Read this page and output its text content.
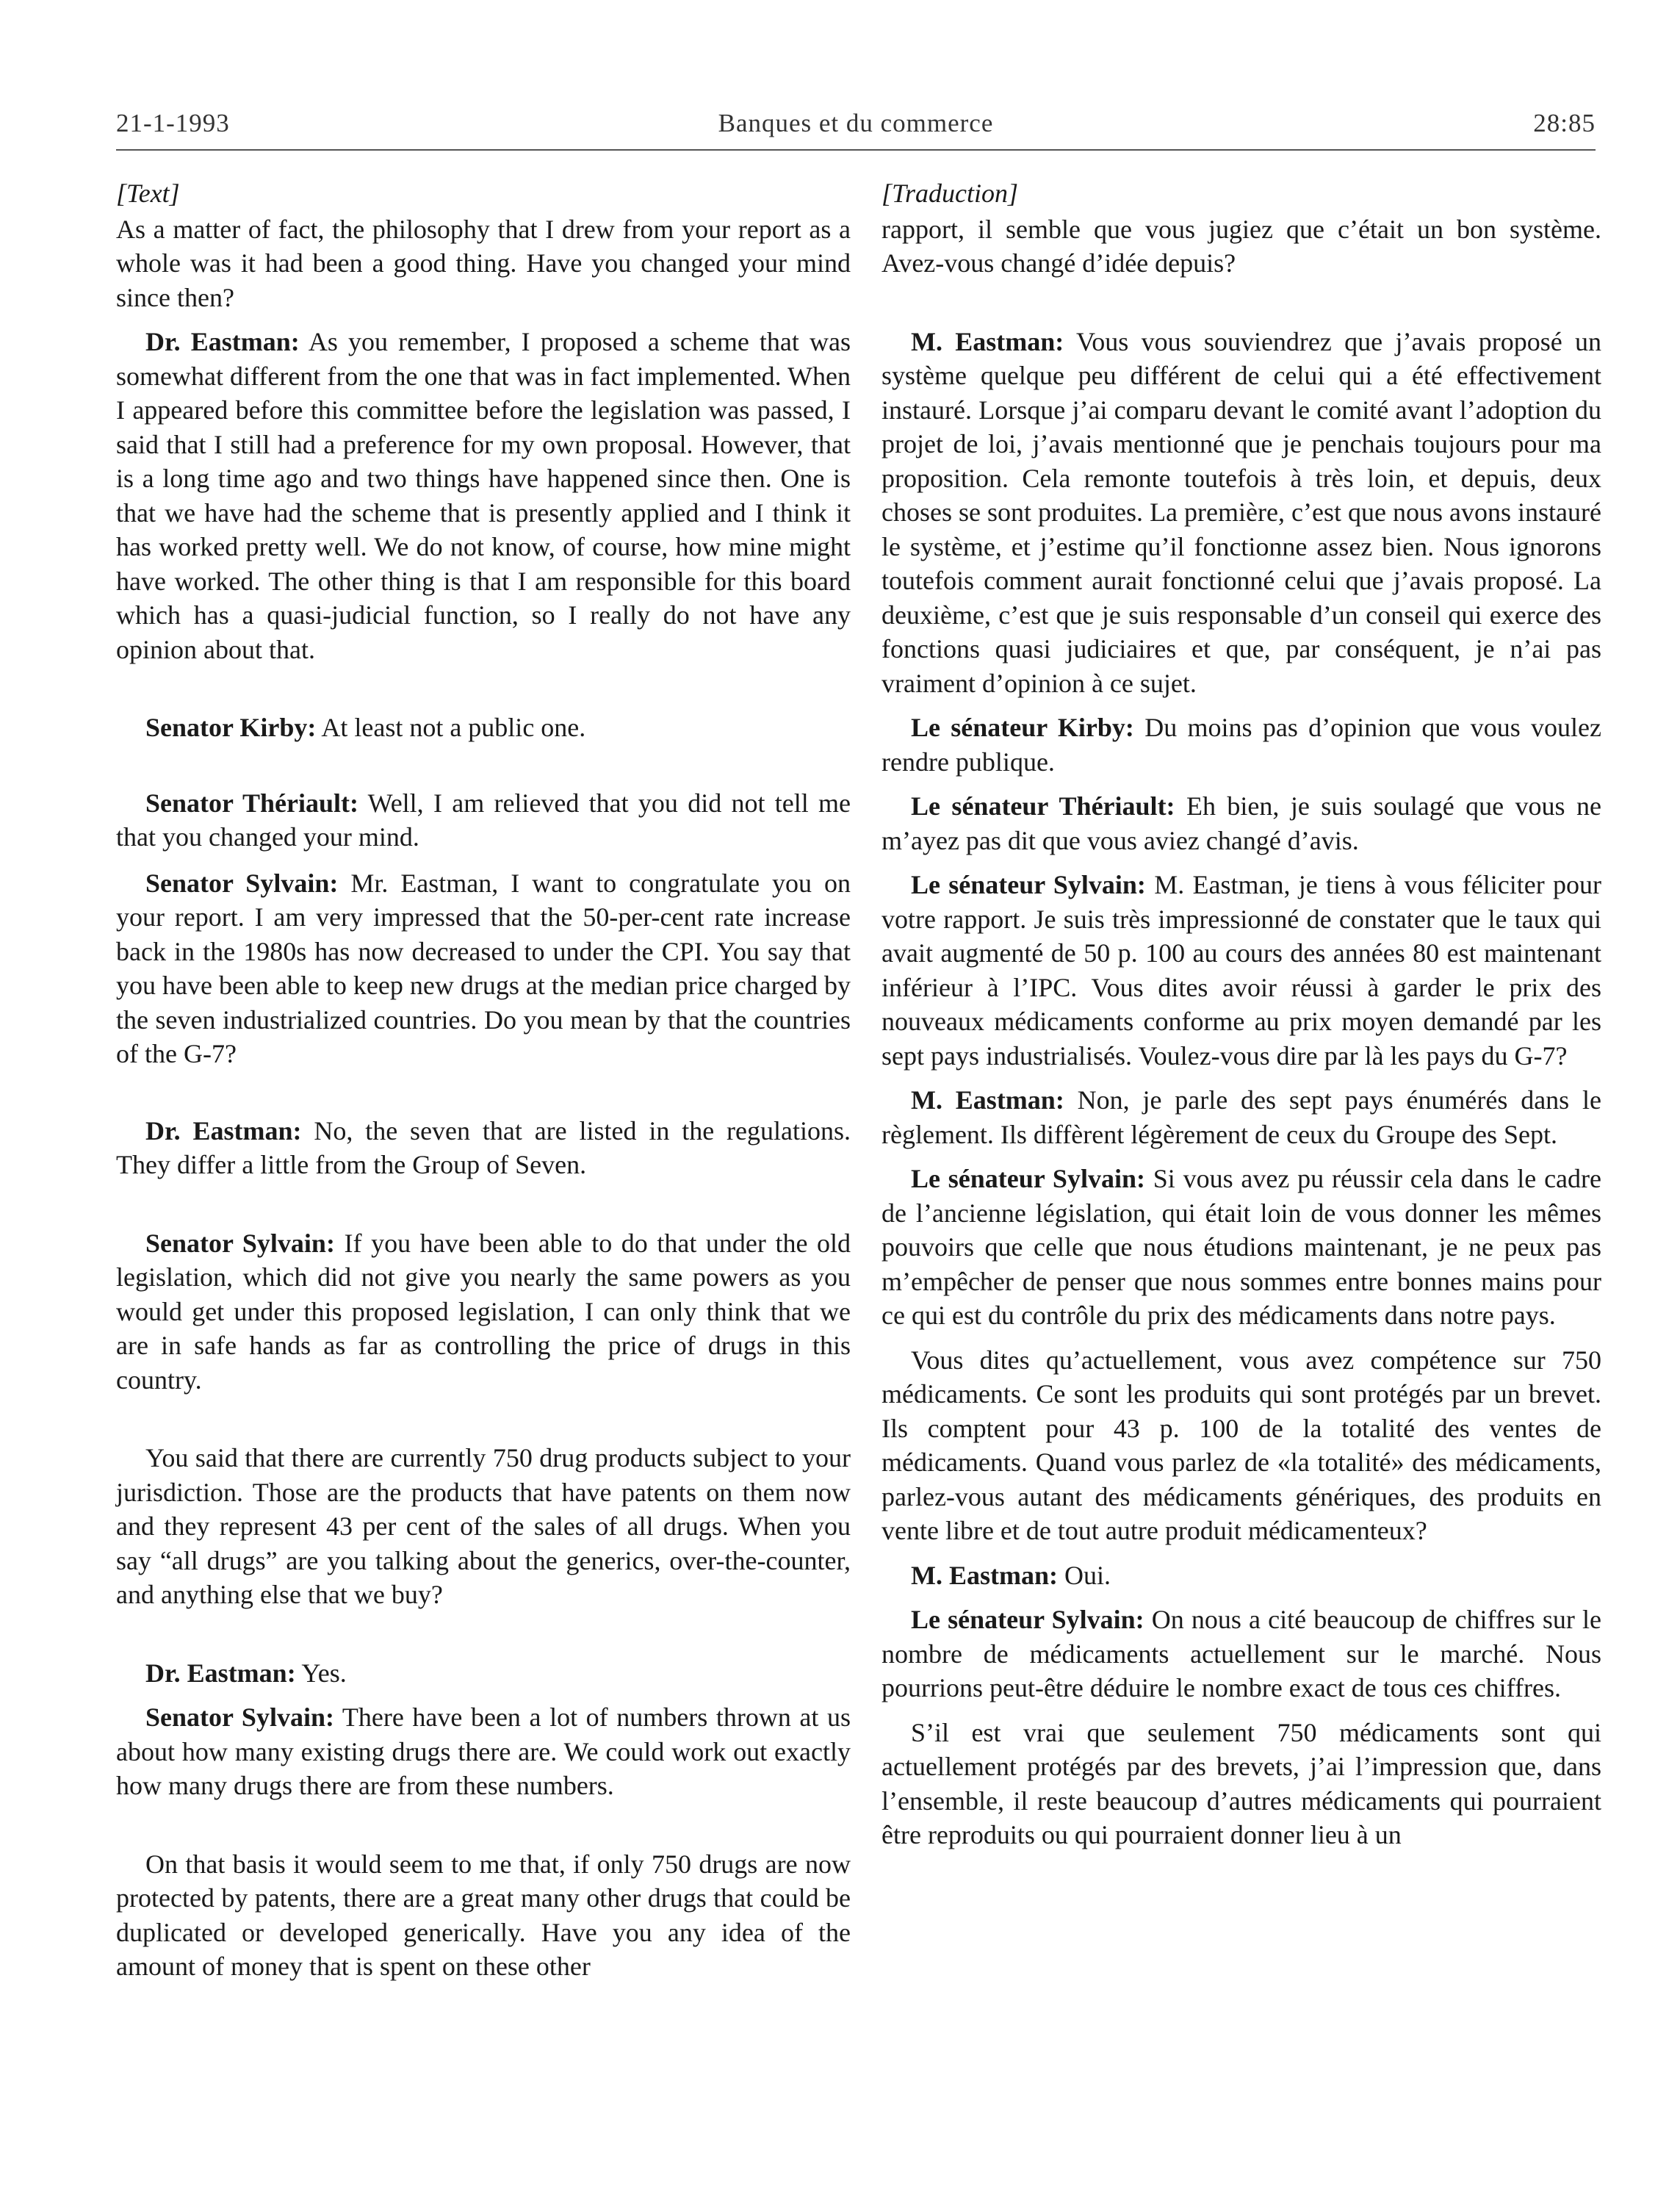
21-1-1993	Banques et du commerce	28:85
[Text]

As a matter of fact, the philosophy that I drew from your report as a whole was it had been a good thing. Have you changed your mind since then?

Dr. Eastman: As you remember, I proposed a scheme that was somewhat different from the one that was in fact implemented. When I appeared before this committee before the legislation was passed, I said that I still had a preference for my own proposal. However, that is a long time ago and two things have happened since then. One is that we have had the scheme that is presently applied and I think it has worked pretty well. We do not know, of course, how mine might have worked. The other thing is that I am responsible for this board which has a quasi-judicial function, so I really do not have any opinion about that.

Senator Kirby: At least not a public one.

Senator Thériault: Well, I am relieved that you did not tell me that you changed your mind.

Senator Sylvain: Mr. Eastman, I want to congratulate you on your report. I am very impressed that the 50-per-cent rate increase back in the 1980s has now decreased to under the CPI. You say that you have been able to keep new drugs at the median price charged by the seven industrialized countries. Do you mean by that the countries of the G-7?

Dr. Eastman: No, the seven that are listed in the regulations. They differ a little from the Group of Seven.

Senator Sylvain: If you have been able to do that under the old legislation, which did not give you nearly the same powers as you would get under this proposed legislation, I can only think that we are in safe hands as far as controlling the price of drugs in this country.

You said that there are currently 750 drug products subject to your jurisdiction. Those are the products that have patents on them now and they represent 43 per cent of the sales of all drugs. When you say “all drugs” are you talking about the generics, over-the-counter, and anything else that we buy?

Dr. Eastman: Yes.

Senator Sylvain: There have been a lot of numbers thrown at us about how many existing drugs there are. We could work out exactly how many drugs there are from these numbers.

On that basis it would seem to me that, if only 750 drugs are now protected by patents, there are a great many other drugs that could be duplicated or developed generically. Have you any idea of the amount of money that is spent on these other

[Traduction]

rapport, il semble que vous jugiez que c’était un bon système. Avez-vous changé d’idée depuis?

M. Eastman: Vous vous souviendrez que j’avais proposé un système quelque peu différent de celui qui a été effectivement instauré. Lorsque j’ai comparu devant le comité avant l’adoption du projet de loi, j’avais mentionné que je penchais toujours pour ma proposition. Cela remonte toutefois à très loin, et depuis, deux choses se sont produites. La première, c’est que nous avons instauré le système, et j’estime qu’il fonctionne assez bien. Nous ignorons toutefois comment aurait fonctionné celui que j’avais proposé. La deuxième, c’est que je suis responsable d’un conseil qui exerce des fonctions quasi judiciaires et que, par conséquent, je n’ai pas vraiment d’opinion à ce sujet.

Le sénateur Kirby: Du moins pas d’opinion que vous voulez rendre publique.

Le sénateur Thériault: Eh bien, je suis soulagé que vous ne m’ayez pas dit que vous aviez changé d’avis.

Le sénateur Sylvain: M. Eastman, je tiens à vous féliciter pour votre rapport. Je suis très impressionné de constater que le taux qui avait augmenté de 50 p. 100 au cours des années 80 est maintenant inférieur à l’IPC. Vous dites avoir réussi à garder le prix des nouveaux médicaments conforme au prix moyen demandé par les sept pays industrialisés. Voulez-vous dire par là les pays du G-7?

M. Eastman: Non, je parle des sept pays énumérés dans le règlement. Ils diffèrent légèrement de ceux du Groupe des Sept.

Le sénateur Sylvain: Si vous avez pu réussir cela dans le cadre de l’ancienne législation, qui était loin de vous donner les mêmes pouvoirs que celle que nous étudions maintenant, je ne peux pas m’empêcher de penser que nous sommes entre bonnes mains pour ce qui est du contrôle du prix des médicaments dans notre pays.

Vous dites qu’actuellement, vous avez compétence sur 750 médicaments. Ce sont les produits qui sont protégés par un brevet. Ils comptent pour 43 p. 100 de la totalité des ventes de médicaments. Quand vous parlez de «la totalité» des médicaments, parlez-vous autant des médicaments génériques, des produits en vente libre et de tout autre produit médicamenteux?

M. Eastman: Oui.

Le sénateur Sylvain: On nous a cité beaucoup de chiffres sur le nombre de médicaments actuellement sur le marché. Nous pourrions peut-être déduire le nombre exact de tous ces chiffres.

S’il est vrai que seulement 750 médicaments sont qui actuellement protégés par des brevets, j’ai l’impression que, dans l’ensemble, il reste beaucoup d’autres médicaments qui pourraient être reproduits ou qui pourraient donner lieu à un
